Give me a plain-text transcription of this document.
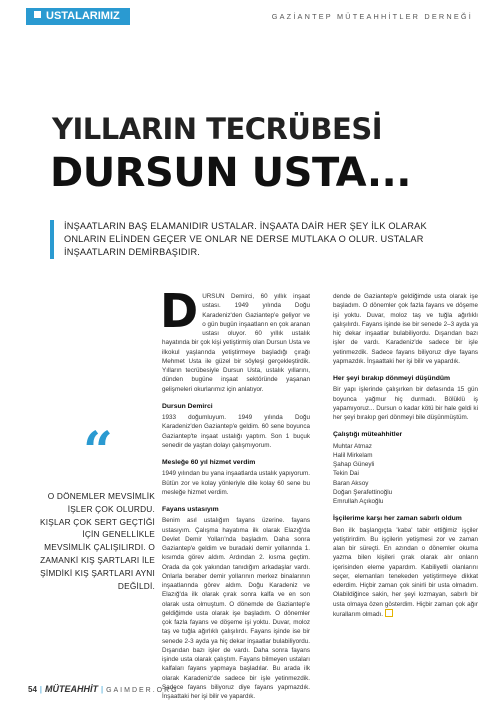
USTALARIMIZ	GAZİANTEP MÜTEAHHİTLER DERNEĞİ
YILLARIN TECRÜBESİ
DURSUN USTA...
İNŞAATLARIN BAŞ ELAMANIDIR USTALAR. İNŞAATA DAİR HER ŞEY İLK OLARAK ONLARIN ELİNDEN GEÇER VE ONLAR NE DERSE MUTLAKA O OLUR. USTALAR İNŞAATLARIN DEMİRBAŞIDIR.
“
O DÖNEMLER MEVSİMLİK İŞLER ÇOK OLURDU. KIŞLAR ÇOK SERT GEÇTİĞİ İÇİN GENELLİKLE MEVSİMLİK ÇALIŞILIRDI. O ZAMANKİ KIŞ ŞARTLARI İLE ŞİMDİKİ KIŞ ŞARTLARI AYNI DEĞİLDİ.
D URSUN Demirci, 60 yıllık inşaat ustası. 1949 yılında Doğu Karadeniz'den Gaziantep'e geliyor ve o gün bugün inşaatların en çok aranan ustası oluyor. 60 yıllık ustalık hayatında bir çok kişi yetiştirmiş olan Dursun Usta ve ilkokul yaşlarında yetiştirmeye başladığı çırağı Mehmet Usta ile güzel bir söyleşi gerçekleştirdik. Yılların tecrübesiyle Dursun Usta, ustalık yıllarını, dünden bugüne inşaat sektöründe yaşanan gelişmeleri okurlarımız için anlatıyor.

Dursun Demirci

1933 doğumluyum. 1949 yılında Doğu Karadeniz'den Gaziantep'e geldim. 60 sene boyunca Gaziantep'te inşaat ustalığı yaptım. Son 1 buçuk senedir de yaştan dolayı çalışmıyorum.

Mesleğe 60 yıl hizmet verdim

1949 yılından bu yana inşaatlarda ustalık yapıyorum. Bütün zor ve kolay yönleriyle dile kolay 60 sene bu mesleğe hizmet verdim.

Fayans ustasıyım

Benim asıl ustalığım fayans üzerine. fayans ustasıyım. Çalışma hayatıma ilk olarak Elazığ'da Devlet Demir Yolları'nda başladım. Daha sonra Gaziantep'e geldim ve buradaki demir yollarında 1. kısımda görev aldım. Ardından 2. kısma geçtim. Orada da çok yakından tanıdığım arkadaşlar vardı. Onlarla beraber demir yollarının merkez binalarının inşaatlarında görev aldım. Doğu Karadeniz ve Elazığ'da ilk olarak çırak sonra kalfa ve en son olarak usta olmuştum. O dönemde de Gaziantep'e geldiğimde usta olarak işe başladım. O dönemler çok fazla fayans ve döşeme işi yoktu. Duvar, moloz taş ve tuğla ağırlıklı çalışılırdı. Fayans işinde ise bir senede 2-3 ayda ya hiç dekar inşaatlar bulabiliyordu. Dışarıdan bazı işler de vardı. Daha sonra fayans işinde usta olarak çalıştım. Fayans bilmeyen ustaları kalfaları fayans yapmaya başladılar. Bu arada ilk olarak Karadeniz'de sadece bir işle yetinmezdik. Sadece fayans biliyoruz diye fayans yapmazdık. İnşaattaki her işi bilir ve yapardık.

dende de Gaziantep'e geldiğimde usta olarak işe başladım. O dönemler çok fazla fayans ve döşeme işi yoktu. Duvar, moloz taş ve tuğla ağırlıklı çalışılırdı. Fayans işinde ise bir senede 2–3 ayda ya hiç dekar inşaatlar bulabiliyordu. Dışarıdan bazı işler de vardı. Karadeniz'de sadece bir işle yetinmezdik. Sadece fayans biliyoruz diye fayans yapmazdık. İnşaattaki her işi bilir ve yapardık.

Her şeyi bırakıp dönmeyi düşündüm

Bir yapı işlerinde çalışırken bir defasında 15 gün boyunca yağmur hiç durmadı. Bölüklü iş yapamıyoruz... Dursun o kadar kötü bir hale geldi ki her şeyi bırakıp geri dönmeyi bile düşünmüştüm.

Çalıştığı müteahhitler

Muhtar Atmaz

Halil Mirkelam

Şahap Güneyli

Tekin Dai

Baran Aksoy

Doğan Şerafettinoğlu

Emrullah Açıkoğlu

İşçilerime karşı her zaman sabırlı oldum

Ben ilk başlangıçta 'kaba' tabir ettiğimiz işçiler yetiştirirdim. Bu işçilerin yetişmesi zor ve zaman alan bir süreçti. En azından o dönemler okuma yazma bilen kişileri çırak olarak alır onların içerisinden eleme yapardım. Kabiliyetli olanlarını seçer, elemanları tenekeden yetiştirmeye dikkat ederdim. Hiçbir zaman çok sinirli bir usta olmadım. Olabildiğince sakin, her şeyi kızmayan, sabırlı bir usta olmaya özen gösterdim. Hiçbir zaman çok ağır kurallarım olmadı.

54 | MÜTEAHHİT | GAIMDER.ORG
